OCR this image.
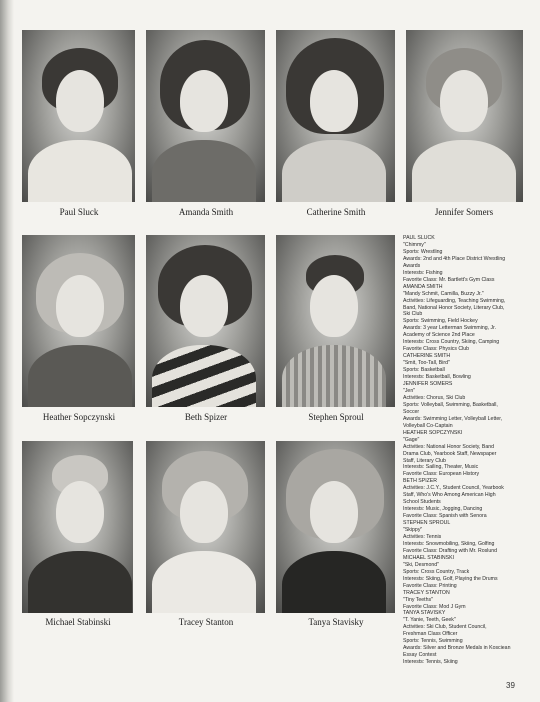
Paul Sluck	Amanda Smith	Catherine Smith	Jennifer Somers
Heather Sopczynski	Beth Spizer	Stephen Sproul
Michael Stabinski	Tracey Stanton	Tanya Stavisky
PAUL SLUCK
"Chimmy"
Sports: Wrestling
Awards: 2nd and 4th Place District Wrestling
Awards
Interests: Fishing
Favorite Class: Mr. Bartlett's Gym Class
AMANDA SMITH
"Mandy Schmit, Camilla, Buzzy Jr."
Activities: Lifeguarding, Teaching Swimming,
Band, National Honor Society, Literary Club,
Ski Club
Sports: Swimming, Field Hockey
Awards: 3 year Letterman Swimming, Jr.
Academy of Science 2nd Place
Interests: Cross Country, Skiing, Camping
Favorite Class: Physics Club
CATHERINE SMITH
"Smit, Too-Tall, Bird"
Sports: Basketball
Interests: Basketball, Bowling
JENNIFER SOMERS
"Jen"
Activities: Chorus, Ski Club
Sports: Volleyball, Swimming, Basketball,
Soccer
Awards: Swimming Letter, Volleyball Letter,
Volleyball Co-Captain
HEATHER SOPCZYNSKI
"Gage"
Activities: National Honor Society, Band
Drama Club, Yearbook Staff, Newspaper
Staff, Literary Club
Interests: Sailing, Theater, Music
Favorite Class: European History
BETH SPIZER
Activities: J.C.Y., Student Council, Yearbook
Staff, Who's Who Among American High
School Students
Interests: Music, Jogging, Dancing
Favorite Class: Spanish with Senora
STEPHEN SPROUL
"Skippy"
Activities: Tennis
Interests: Snowmobiling, Skiing, Golfing
Favorite Class: Drafting with Mr. Roslund
MICHAEL STABINSKI
"Ski, Desmond"
Sports: Cross Country, Track
Interests: Skiing, Golf, Playing the Drums
Favorite Class: Printing
TRACEY STANTON
"Tiny Teeths"
Favorite Class: Mod J Gym
TANYA STAVISKY
"T. Yanie, Teeth, Geek"
Activities: Ski Club, Student Council,
Freshman Class Officer
Sports: Tennis, Swimming
Awards: Silver and Bronze Medals in Kosciean
Essay Contest
Interests: Tennis, Skiing
39
